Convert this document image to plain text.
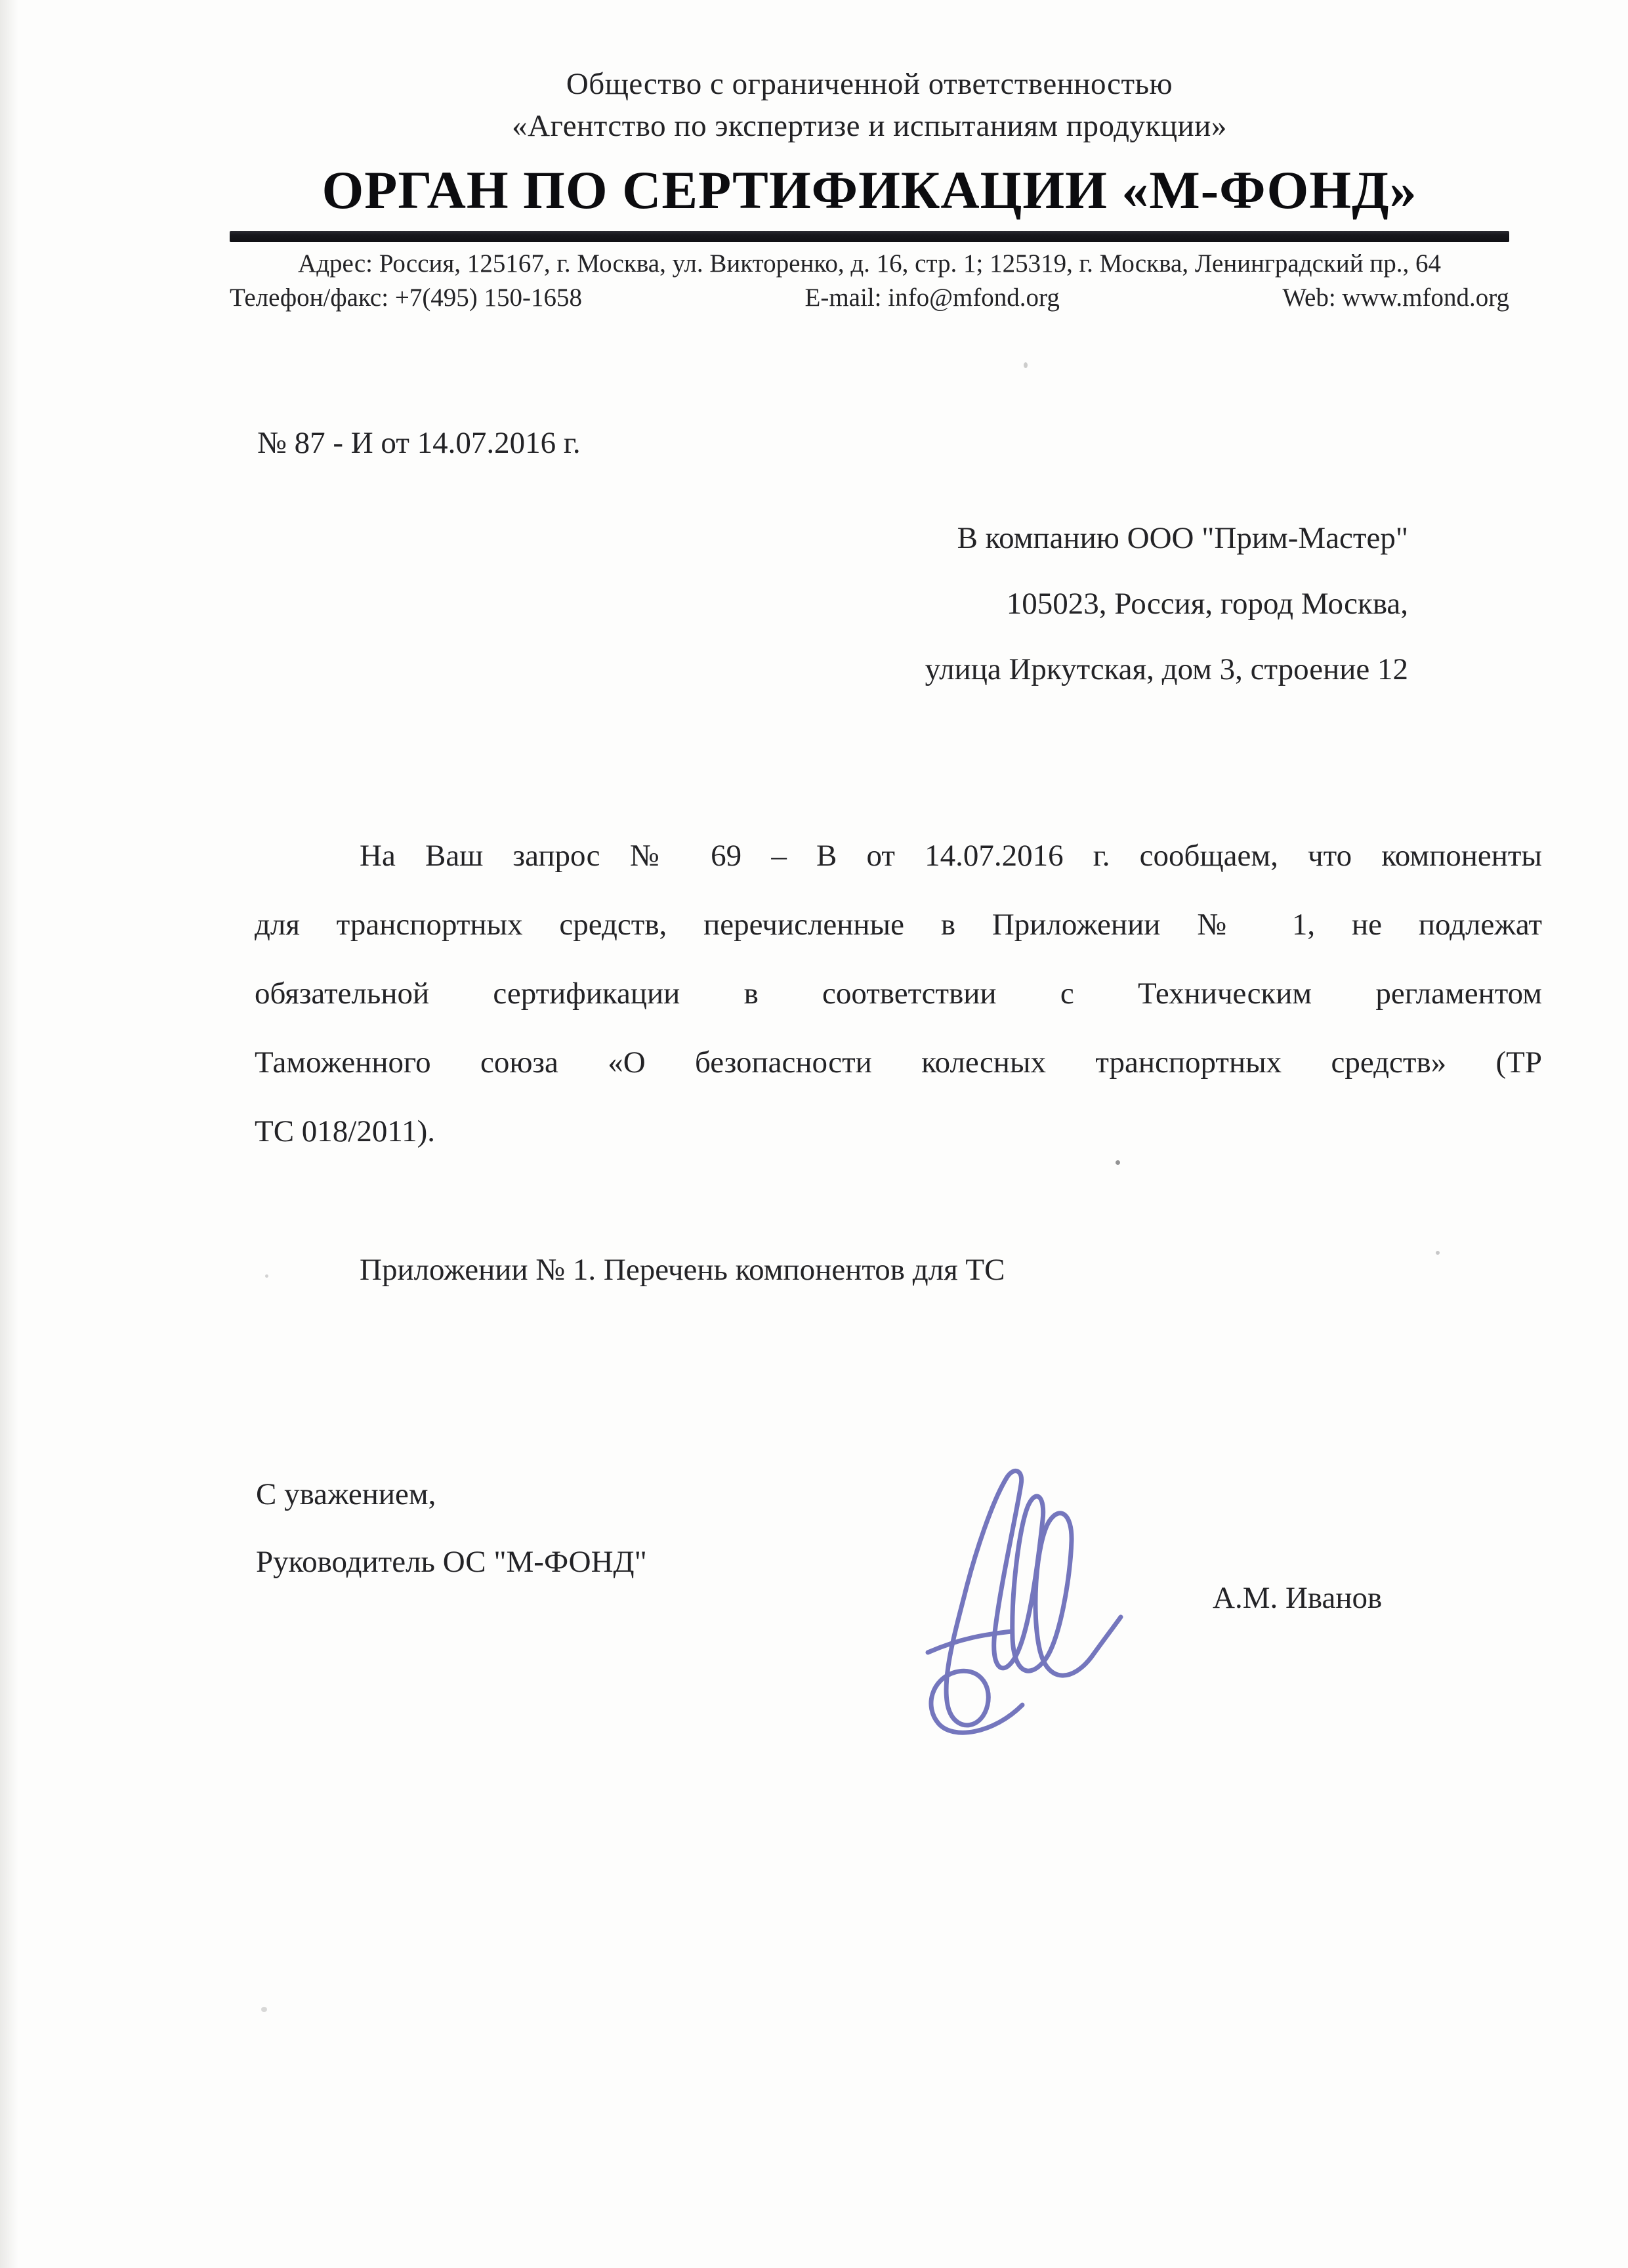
Общество с ограниченной ответственностью
«Агентство по экспертизе и испытаниям продукции»
ОРГАН ПО СЕРТИФИКАЦИИ «М-ФОНД»
Адрес: Россия, 125167, г. Москва, ул. Викторенко, д. 16, стр. 1; 125319, г. Москва, Ленинградский пр., 64
Телефон/факс: +7(495) 150-1658	E-mail: info@mfond.org	Web: www.mfond.org
№ 87 - И от 14.07.2016 г.
В компанию ООО "Прим-Мастер"
105023, Россия, город Москва,
улица Иркутская, дом 3, строение 12
На Ваш запрос № 69 – В от 14.07.2016 г. сообщаем, что компоненты
для транспортных средств, перечисленные в Приложении № 1, не подлежат
обязательной сертификации в соответствии с Техническим регламентом
Таможенного союза «О безопасности колесных транспортных средств» (ТР
ТС 018/2011).
Приложении № 1. Перечень компонентов для ТС
С уважением,
Руководитель ОС "М-ФОНД"
А.М. Иванов
